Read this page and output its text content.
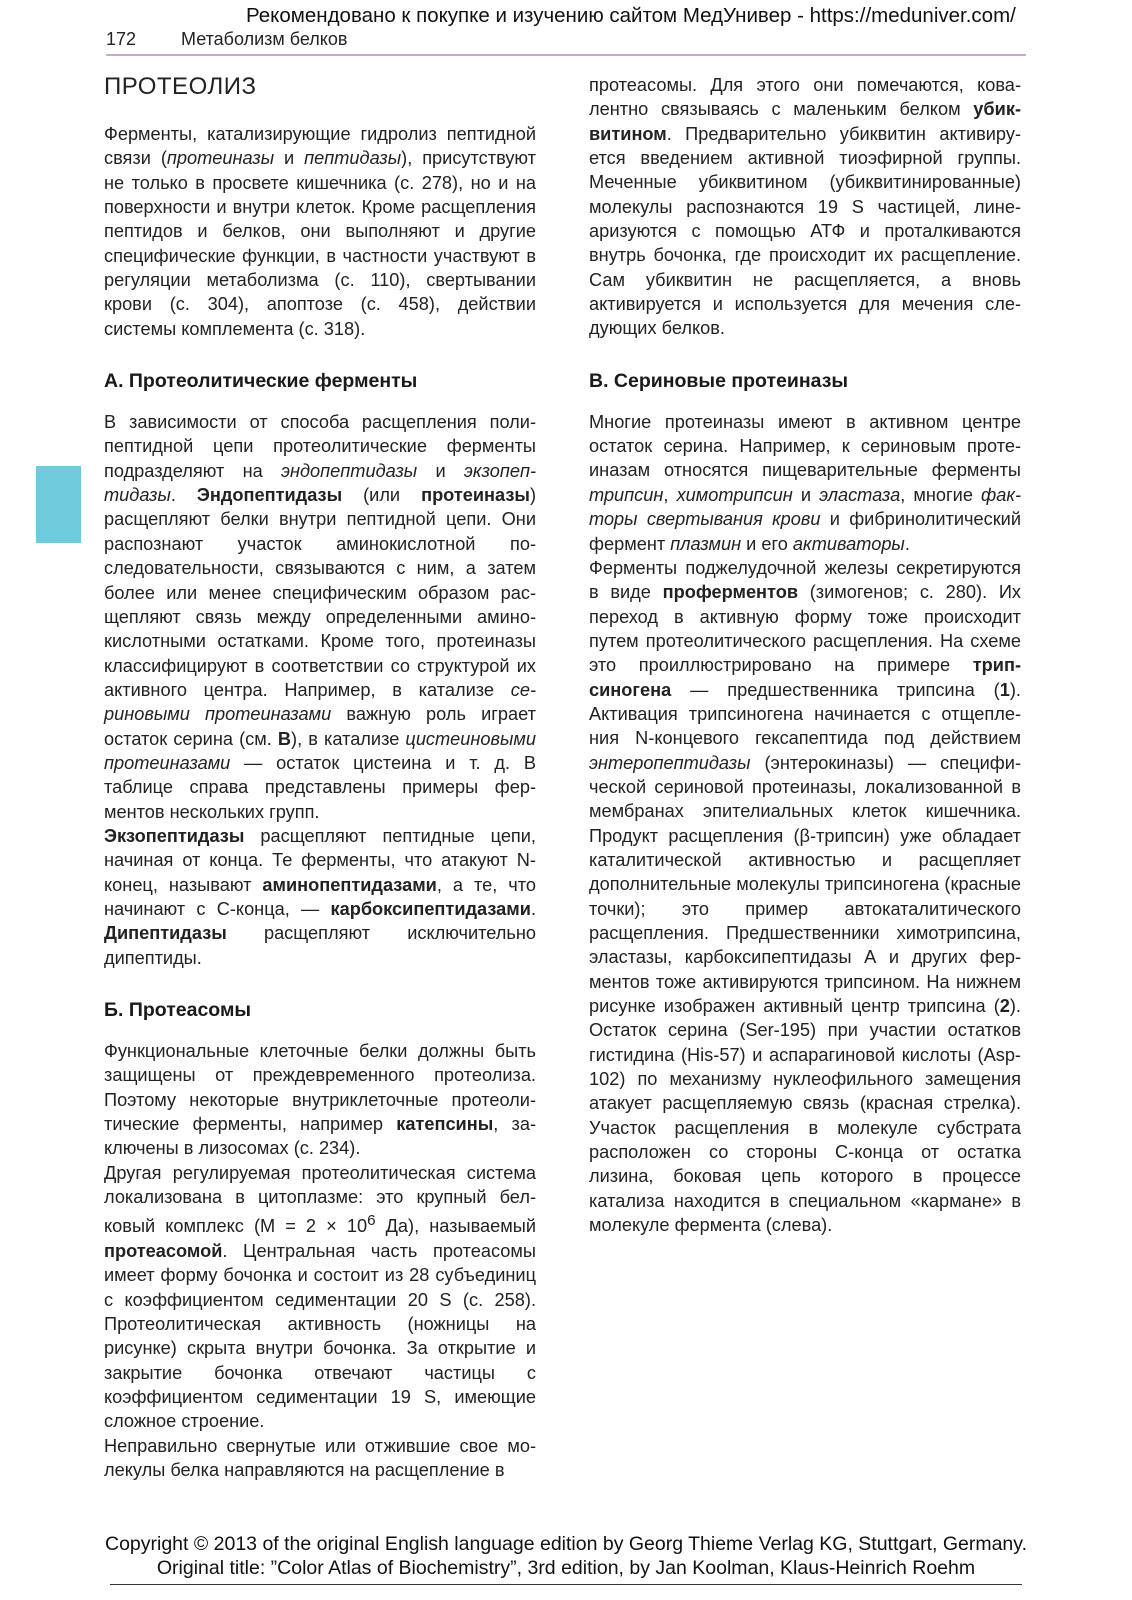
Рекомендовано к покупке и изучению сайтом МедУнивер - https://meduniver.com/
172 Метаболизм белков
ПРОТЕОЛИЗ

Ферменты, катализирующие гидролиз пептидной связи (протеиназы и пептидазы), присутствуют не только в просвете кишечника (с. 278), но и на поверхности и внутри клеток. Кроме расщепления пептидов и белков, они выполняют и другие специфические функции, в частности участвуют в регуляции метаболизма (с. 110), свертывании крови (с. 304), апоптозе (с. 458), действии системы комплемента (с. 318).

А. Протеолитические ферменты

В зависимости от способа расщепления полипептидной цепи протеолитические ферменты подразделяют на эндопептидазы и экзопептидазы. Эндопептидазы (или протеиназы) расщепляют белки внутри пептидной цепи. Они распознают участок аминокислотной последовательности, связываются с ним, а затем более или менее специфическим образом расщепляют связь между определенными аминокислотными остатками. Кроме того, протеиназы классифицируют в соответствии со структурой их активного центра. Например, в катализе сериновыми протеиназами важную роль играет остаток серина (см. В), в катализе цистеиновыми протеиназами — остаток цистеина и т. д. В таблице справа представлены примеры ферментов нескольких групп.

Экзопептидазы расщепляют пептидные цепи, начиная от конца. Те ферменты, что атакуют N-конец, называют аминопептидазами, а те, что начинают с С-конца, — карбоксипептидазами. Дипептидазы расщепляют исключительно дипептиды.

Б. Протеасомы

Функциональные клеточные белки должны быть защищены от преждевременного протеолиза. Поэтому некоторые внутриклеточные протеолитические ферменты, например катепсины, заключены в лизосомах (с. 234).

Другая регулируемая протеолитическая система локализована в цитоплазме: это крупный белковый комплекс ($М = 2 \times 10^6$ Да), называемый протеасомой. Центральная часть протеасомы имеет форму бочонка и состоит из 28 субъединиц с коэффициентом седиментации 20 S (с. 258). Протеолитическая активность (ножницы на рисунке) скрыта внутри бочонка. За открытие и закрытие бочонка отвечают частицы с коэффициентом седиментации 19 S, имеющие сложное строение.

Неправильно свернутые или отжившие свое молекулы белка направляются на расщепление в

протеасомы. Для этого они помечаются, ковалентно связываясь с маленьким белком убиквитином. Предварительно убиквитин активируется введением активной тиоэфирной группы. Меченные убиквитином (убиквитинированные) молекулы распознаются 19 S частицей, линеаризуются с помощью АТФ и проталкиваются внутрь бочонка, где происходит их расщепление. Сам убиквитин не расщепляется, а вновь активируется и используется для мечения следующих белков.

В. Сериновые протеиназы

Многие протеиназы имеют в активном центре остаток серина. Например, к сериновым протеиназам относятся пищеварительные ферменты трипсин, химотрипсин и эластаза, многие факторы свертывания крови и фибринолитический фермент плазмин и его активаторы.

Ферменты поджелудочной железы секретируются в виде проферментов (зимогенов; с. 280). Их переход в активную форму тоже происходит путем протеолитического расщепления. На схеме это проиллюстрировано на примере трипсиногена — предшественника трипсина (1). Активация трипсиногена начинается с отщепления N-концевого гексапептида под действием энтеропептидазы (энтерокиназы) — специфической сериновой протеиназы, локализованной в мембранах эпителиальных клеток кишечника. Продукт расщепления (β-трипсин) уже обладает каталитической активностью и расщепляет дополнительные молекулы трипсиногена (красные точки); это пример автокаталитического расщепления. Предшественники химотрипсина, эластазы, карбоксипептидазы А и других ферментов тоже активируются трипсином. На нижнем рисунке изображен активный центр трипсина (2). Остаток серина (Ser-195) при участии остатков гистидина (His-57) и аспарагиновой кислоты (Asp-102) по механизму нуклеофильного замещения атакует расщепляемую связь (красная стрелка). Участок расщепления в молекуле субстрата расположен со стороны С-конца от остатка лизина, боковая цепь которого в процессе катализа находится в специальном «кармане» в молекуле фермента (слева).

Copyright © 2013 of the original English language edition by Georg Thieme Verlag KG, Stuttgart, Germany.
Original title: ”Color Atlas of Biochemistry”, 3rd edition, by Jan Koolman, Klaus-Heinrich Roehm
